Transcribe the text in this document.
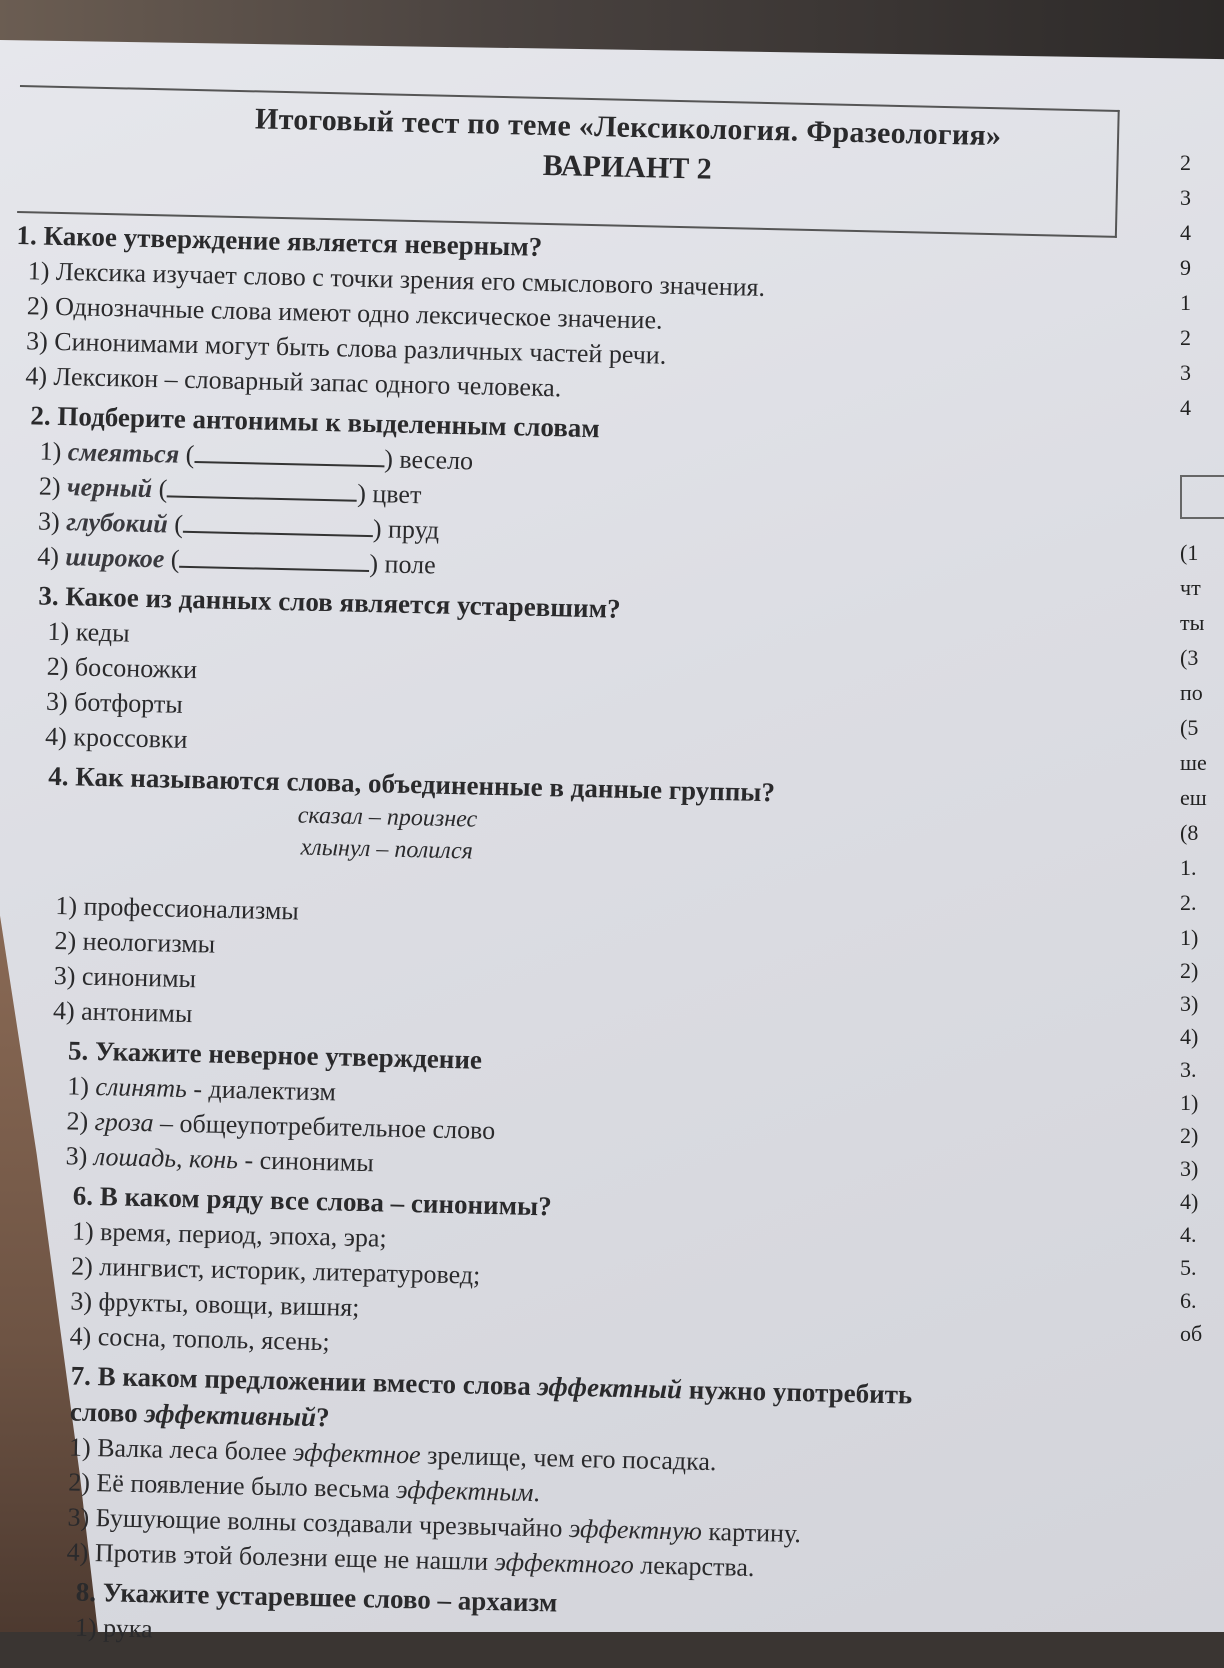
Итоговый тест по теме «Лексикология. Фразеология»
ВАРИАНТ 2
1. Какое утверждение является неверным?
1) Лексика изучает слово с точки зрения его смыслового значения.
2) Однозначные слова имеют одно лексическое значение.
3) Синонимами могут быть слова различных частей речи.
4) Лексикон – словарный запас одного человека.
2. Подберите антонимы к выделенным словам
1) смеяться (	) весело
2) черный (	) цвет
3) глубокий (	) пруд
4) широкое (	) поле
3. Какое из данных слов является устаревшим?
1) кеды
2) босоножки
3) ботфорты
4) кроссовки
4. Как называются слова, объединенные в данные группы?
сказал – произнес
хлынул – полился
1) профессионализмы
2) неологизмы
3) синонимы
4) антонимы
5. Укажите неверное утверждение
1) слинять - диалектизм
2) гроза – общеупотребительное слово
3) лошадь, конь - синонимы
6. В каком ряду все слова – синонимы?
1) время, период, эпоха, эра;
2) лингвист, историк, литературовед;
3) фрукты, овощи, вишня;
4) сосна, тополь, ясень;
7. В каком предложении вместо слова эффектный нужно употребить
слово эффективный?
1) Валка леса более эффектное зрелище, чем его посадка.
2) Её появление было весьма эффектным.
3) Бушующие волны создавали чрезвычайно эффектную картину.
4) Против этой болезни еще не нашли эффектного лекарства.
8. Укажите устаревшее слово – архаизм
1) рука
2
3
4
9
1
2
3
4
(1
чт
ты
(3
по
(5
ше
еш
(8
1.
2.
1)
2)
3)
4)
3.
1)
2)
3)
4)
4.
5.
6.
об
